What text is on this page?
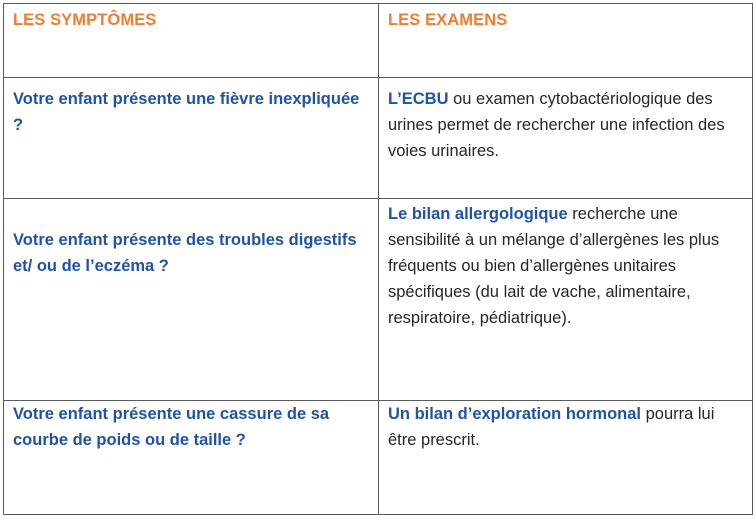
LES SYMPTÔMES	LES EXAMENS

Votre enfant présente une fièvre inexpliquée ?	L’ECBU ou examen cytobactériologique des urines permet de rechercher une infection des voies urinaires.

Votre enfant présente des troubles digestifs et/ ou de l’eczéma ?	Le bilan allergologique recherche une sensibilité à un mélange d’allergènes les plus fréquents ou bien d’allergènes unitaires spécifiques (du lait de vache, alimentaire, respiratoire, pédiatrique).

Votre enfant présente une cassure de sa courbe de poids ou de taille ?	Un bilan d’exploration hormonal pourra lui être prescrit.
